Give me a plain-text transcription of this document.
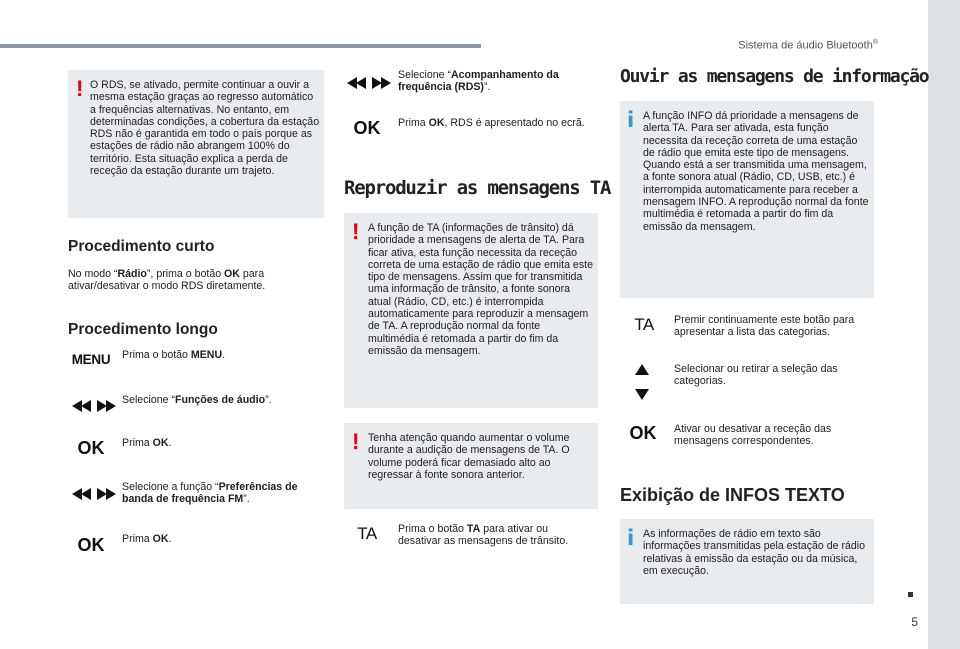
Sistema de áudio Bluetooth®
5
! O RDS, se ativado, permite continuar a ouvir a mesma estação graças ao regresso automático a frequências alternativas. No entanto, em determinadas condições, a cobertura da estação RDS não é garantida em todo o país porque as estações de rádio não abrangem 100% do território. Esta situação explica a perda de receção da estação durante um trajeto.

Procedimento curto

No modo “Rádio”, prima o botão OK para ativar/desativar o modo RDS diretamente.

Procedimento longo
MENU	Prima o botão MENU.

Selecione “Funções de áudio”.

OK	Prima OK.

Selecione a função “Preferências de banda de frequência FM”.

OK	Prima OK.

Selecione “Acompanhamento da frequência (RDS)”.

OK	Prima OK, RDS é apresentado no ecrã.

Reproduzir as mensagens TA
! A função de TA (informações de trânsito) dá prioridade a mensagens de alerta de TA. Para ficar ativa, esta função necessita da receção correta de uma estação de rádio que emita este tipo de mensagens. Assim que for transmitida uma informação de trânsito, a fonte sonora atual (Rádio, CD, etc.) é interrompida automaticamente para reproduzir a mensagem de TA. A reprodução normal da fonte multimédia é retomada a partir do fim da emissão da mensagem.

! Tenha atenção quando aumentar o volume durante a audição de mensagens de TA. O volume poderá ficar demasiado alto ao regressar à fonte sonora anterior.

TA	Prima o botão TA para ativar ou desativar as mensagens de trânsito.

Ouvir as mensagens de informação
i A função INFO dá prioridade a mensagens de alerta TA. Para ser ativada, esta função necessita da receção correta de uma estação de rádio que emita este tipo de mensagens. Quando está a ser transmitida uma mensagem, a fonte sonora atual (Rádio, CD, USB, etc.) é interrompida automaticamente para receber a mensagem INFO. A reprodução normal da fonte multimédia é retomada a partir do fim da emissão da mensagem.

TA	Premir continuamente este botão para apresentar a lista das categorias.

Selecionar ou retirar a seleção das categorias.

OK	Ativar ou desativar a receção das mensagens correspondentes.

Exibição de INFOS TEXTO
i As informações de rádio em texto são informações transmitidas pela estação de rádio relativas à emissão da estação ou da música, em execução.
